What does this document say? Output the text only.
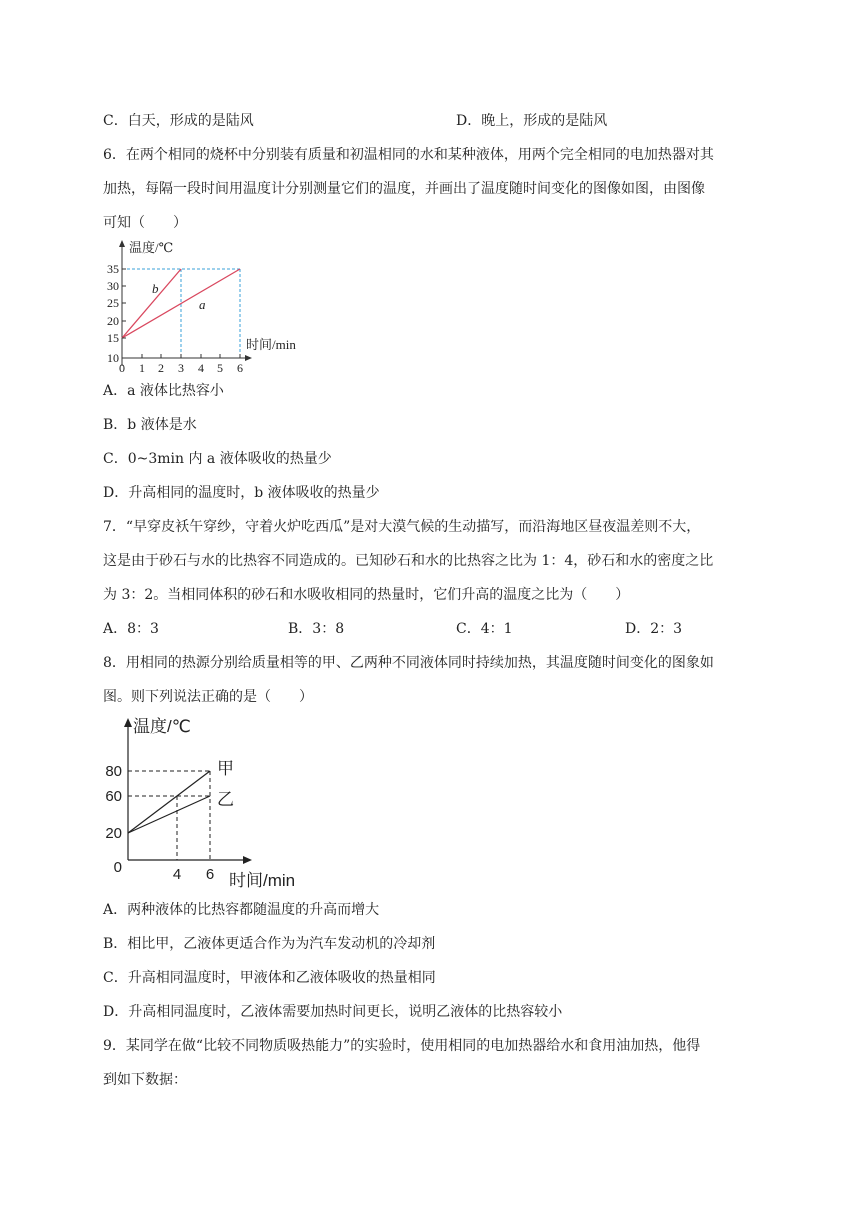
C．白天，形成的是陆风	D．晚上，形成的是陆风
6．在两个相同的烧杯中分别装有质量和初温相同的水和某种液体，用两个完全相同的电加热器对其
加热，每隔一段时间用温度计分别测量它们的温度，并画出了温度随时间变化的图像如图，由图像
可知（　　）
温度/℃
时间/min
35
30
25
20
15
10
0 1 2 3 4 5 6
b
a
A．a 液体比热容小
B．b 液体是水
C．0~3min 内 a 液体吸收的热量少
D．升高相同的温度时，b 液体吸收的热量少
7．“早穿皮袄午穿纱，守着火炉吃西瓜”是对大漠气候的生动描写，而沿海地区昼夜温差则不大，
这是由于砂石与水的比热容不同造成的。已知砂石和水的比热容之比为 1：4，砂石和水的密度之比
为 3：2。当相同体积的砂石和水吸收相同的热量时，它们升高的温度之比为（　　）
A．8：3	B．3：8	C．4：1	D．2：3
8．用相同的热源分别给质量相等的甲、乙两种不同液体同时持续加热，其温度随时间变化的图象如
图。则下列说法正确的是（　　）
温度/℃
时间/min
80
60
20
0	4 6
甲
乙
A．两种液体的比热容都随温度的升高而增大
B．相比甲，乙液体更适合作为为汽车发动机的冷却剂
C．升高相同温度时，甲液体和乙液体吸收的热量相同
D．升高相同温度时，乙液体需要加热时间更长，说明乙液体的比热容较小
9．某同学在做“比较不同物质吸热能力”的实验时，使用相同的电加热器给水和食用油加热，他得
到如下数据：
